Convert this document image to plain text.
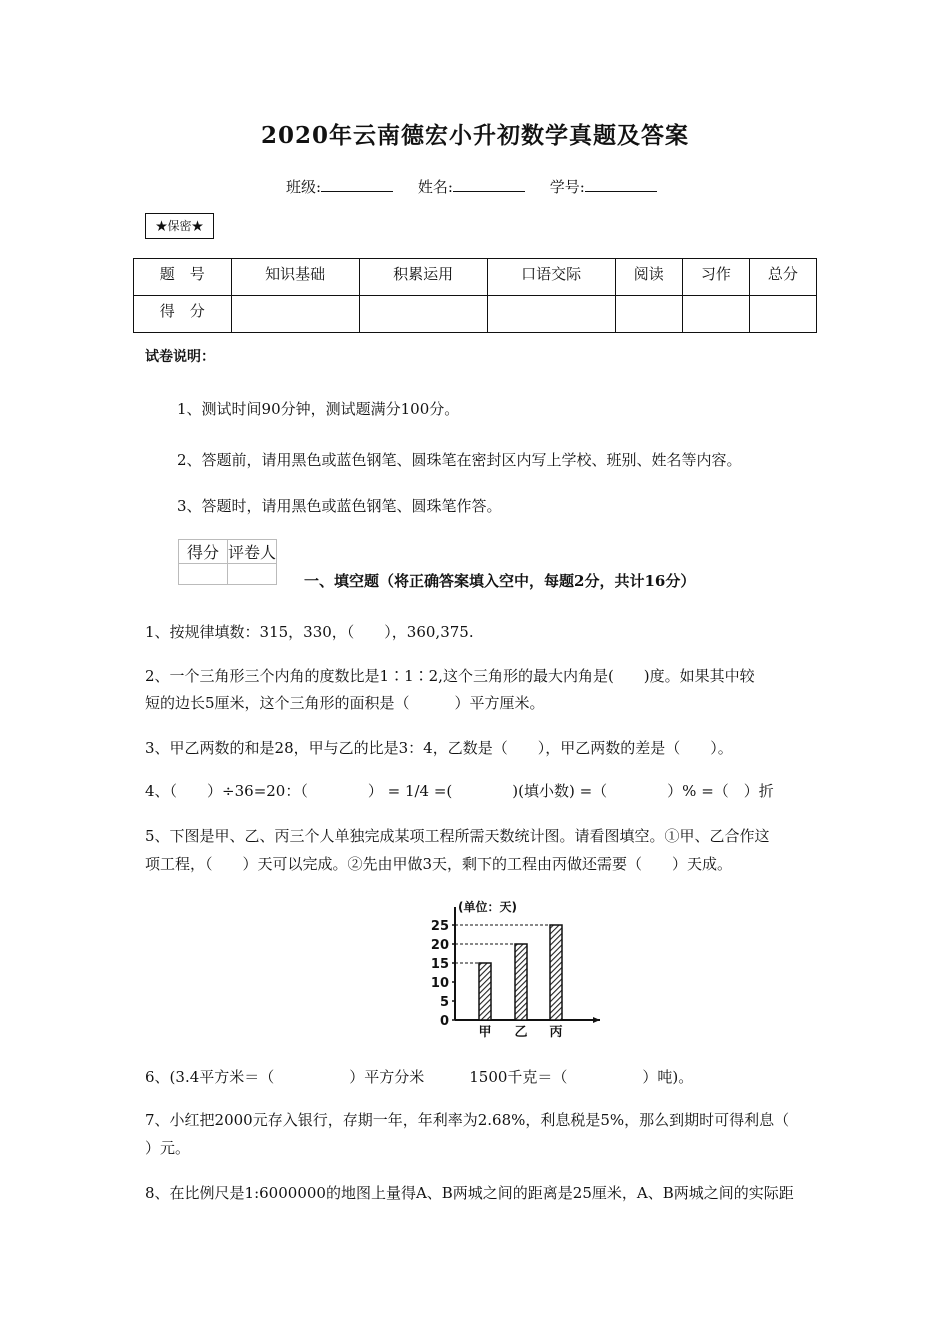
2020年云南德宏小升初数学真题及答案
班级:	姓名:	学号:
★保密★
题　号	知识基础	积累运用	口语交际	阅读	习作	总分
得　分						
试卷说明：
1、测试时间90分钟，测试题满分100分。
2、答题前，请用黑色或蓝色钢笔、圆珠笔在密封区内写上学校、班别、姓名等内容。
3、答题时，请用黑色或蓝色钢笔、圆珠笔作答。
得分	评卷人

一、填空题（将正确答案填入空中，每题2分，共计16分）
1、按规律填数：315，330，（　　），360,375.
2、一个三角形三个内角的度数比是1∶1∶2,这个三角形的最大内角是(　　)度。如果其中较
短的边长5厘米，这个三角形的面积是（　　　）平方厘米。
3、甲乙两数的和是28，甲与乙的比是3：4，乙数是（　　），甲乙两数的差是（　　）。
4、（　　）÷36=20：（　　　　） = 1/4 =(　　　　)(填小数) =（　　　　）% =（　）折
5、下图是甲、乙、丙三个人单独完成某项工程所需天数统计图。请看图填空。①甲、乙合作这
项工程，（　　）天可以完成。②先由甲做3天，剩下的工程由丙做还需要（　　）天成。
(单位：天)
0
5
10
15
20
25
甲 乙 丙
6、(3.4平方米＝（　　　　　）平方分米　　　1500千克＝（　　　　　）吨)。
7、小红把2000元存入银行，存期一年，年利率为2.68%，利息税是5%，那么到期时可得利息（
）元。
8、在比例尺是1:6000000的地图上量得A、B两城之间的距离是25厘米，A、B两城之间的实际距
